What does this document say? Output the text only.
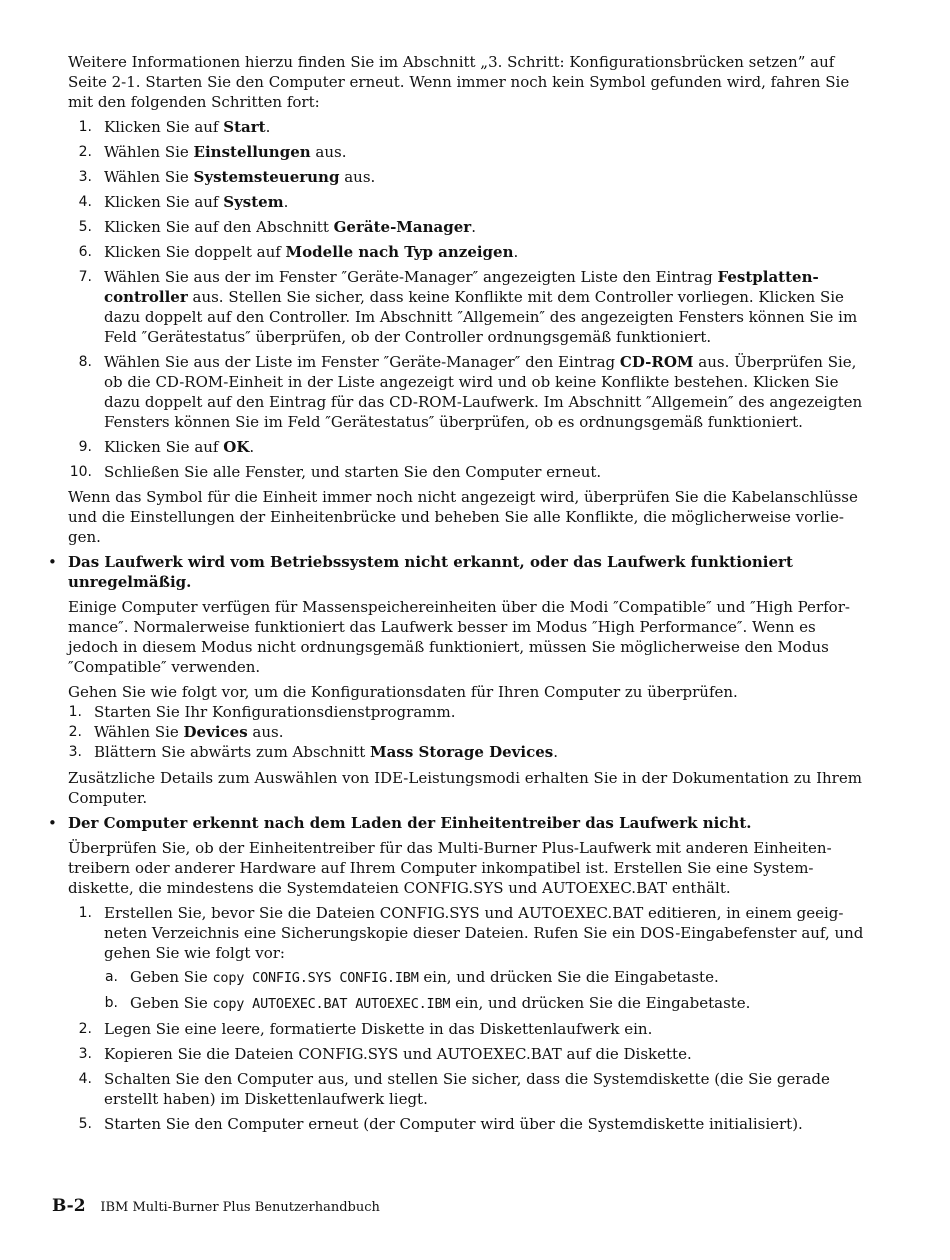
Weitere Informationen hierzu finden Sie im Abschnitt „3. Schritt: Konfigurationsbrücken setzen” auf Seite 2-1. Starten Sie den Computer erneut. Wenn immer noch kein Symbol gefunden wird, fahren Sie mit den folgenden Schritten fort:

1. Klicken Sie auf Start.
2. Wählen Sie Einstellungen aus.
3. Wählen Sie Systemsteuerung aus.
4. Klicken Sie auf System.
5. Klicken Sie auf den Abschnitt Geräte-Manager.
6. Klicken Sie doppelt auf Modelle nach Typ anzeigen.
7. Wählen Sie aus der im Fenster ″Geräte-Manager″ angezeigten Liste den Eintrag Festplattencontroller aus. Stellen Sie sicher, dass keine Konflikte mit dem Controller vorliegen. Klicken Sie dazu doppelt auf den Controller. Im Abschnitt ″Allgemein″ des angezeigten Fensters können Sie im Feld ″Gerätestatus″ überprüfen, ob der Controller ordnungsgemäß funktioniert.
8. Wählen Sie aus der Liste im Fenster ″Geräte-Manager″ den Eintrag CD-ROM aus. Überprüfen Sie, ob die CD-ROM-Einheit in der Liste angezeigt wird und ob keine Konflikte bestehen. Klicken Sie dazu doppelt auf den Eintrag für das CD-ROM-Laufwerk. Im Abschnitt ″Allgemein″ des angezeigten Fensters können Sie im Feld ″Gerätestatus″ überprüfen, ob es ordnungsgemäß funktioniert.
9. Klicken Sie auf OK.
10. Schließen Sie alle Fenster, und starten Sie den Computer erneut.

Wenn das Symbol für die Einheit immer noch nicht angezeigt wird, überprüfen Sie die Kabelanschlüsse und die Einstellungen der Einheitenbrücke und beheben Sie alle Konflikte, die möglicherweise vorliegen.

• Das Laufwerk wird vom Betriebssystem nicht erkannt, oder das Laufwerk funktioniert unregelmäßig.

Einige Computer verfügen für Massenspeichereinheiten über die Modi ″Compatible″ und ″High Performance″. Normalerweise funktioniert das Laufwerk besser im Modus ″High Performance″. Wenn es jedoch in diesem Modus nicht ordnungsgemäß funktioniert, müssen Sie möglicherweise den Modus ″Compatible″ verwenden.

Gehen Sie wie folgt vor, um die Konfigurationsdaten für Ihren Computer zu überprüfen.

1. Starten Sie Ihr Konfigurationsdienstprogramm.
2. Wählen Sie Devices aus.
3. Blättern Sie abwärts zum Abschnitt Mass Storage Devices.

Zusätzliche Details zum Auswählen von IDE-Leistungsmodi erhalten Sie in der Dokumentation zu Ihrem Computer.

• Der Computer erkennt nach dem Laden der Einheitentreiber das Laufwerk nicht.

Überprüfen Sie, ob der Einheitentreiber für das Multi-Burner Plus-Laufwerk mit anderen Einheitentreibern oder anderer Hardware auf Ihrem Computer inkompatibel ist. Erstellen Sie eine Systemdiskette, die mindestens die Systemdateien CONFIG.SYS und AUTOEXEC.BAT enthält.

1. Erstellen Sie, bevor Sie die Dateien CONFIG.SYS und AUTOEXEC.BAT editieren, in einem geeigneten Verzeichnis eine Sicherungskopie dieser Dateien. Rufen Sie ein DOS-Eingabefenster auf, und gehen Sie wie folgt vor:
a. Geben Sie copy CONFIG.SYS CONFIG.IBM ein, und drücken Sie die Eingabetaste.
b. Geben Sie copy AUTOEXEC.BAT AUTOEXEC.IBM ein, und drücken Sie die Eingabetaste.
2. Legen Sie eine leere, formatierte Diskette in das Diskettenlaufwerk ein.
3. Kopieren Sie die Dateien CONFIG.SYS und AUTOEXEC.BAT auf die Diskette.
4. Schalten Sie den Computer aus, und stellen Sie sicher, dass die Systemdiskette (die Sie gerade erstellt haben) im Diskettenlaufwerk liegt.
5. Starten Sie den Computer erneut (der Computer wird über die Systemdiskette initialisiert).
B-2 IBM Multi-Burner Plus Benutzerhandbuch
